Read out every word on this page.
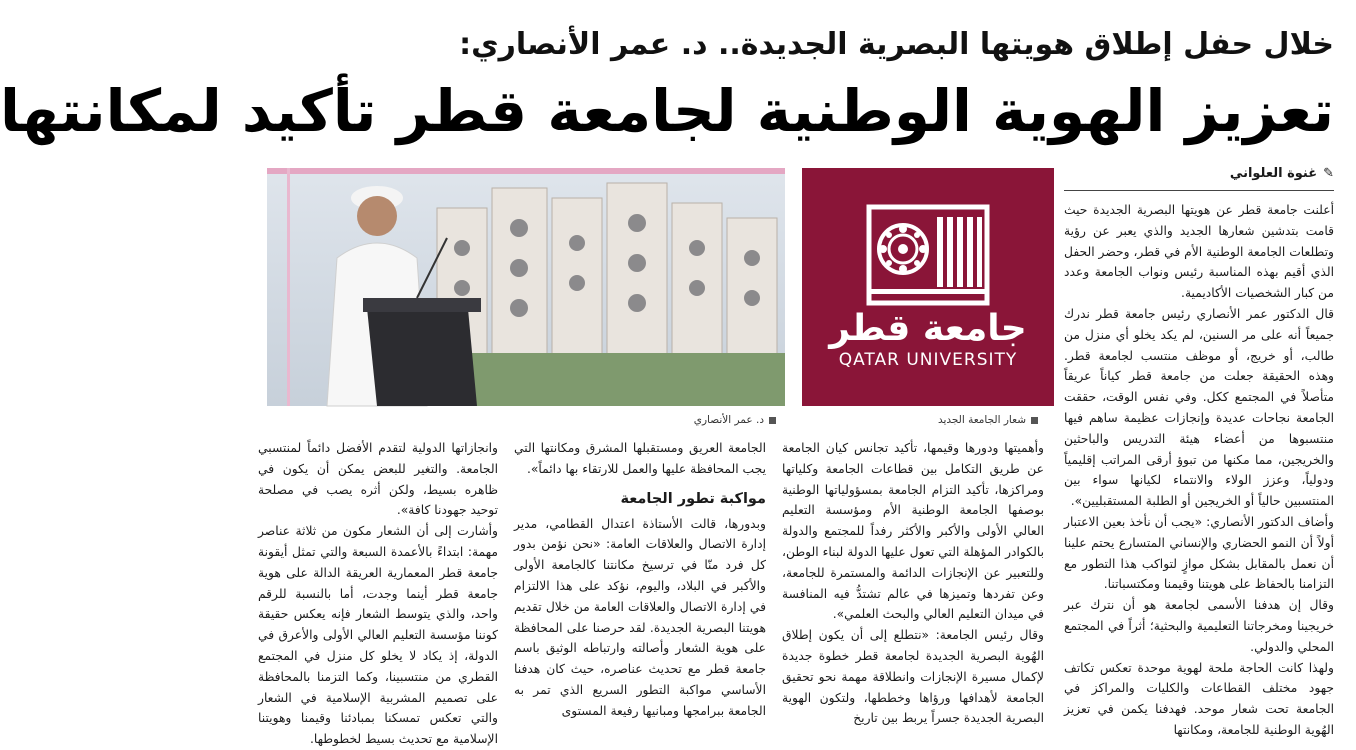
خلال حفل إطلاق هويتها البصرية الجديدة.. د. عمر الأنصاري:
تعزيز الهوية الوطنية لجامعة قطر تأكيد لمكانتها
✎
غنوة العلواني

أعلنت جامعة قطر عن هويتها البصرية الجديدة حيث قامت بتدشين شعارها الجديد والذي يعبر عن رؤية وتطلعات الجامعة الوطنية الأم في قطر، وحضر الحفل الذي أقيم بهذه المناسبة رئيس ونواب الجامعة وعدد من كبار الشخصيات الأكاديمية.

قال الدكتور عمر الأنصاري رئيس جامعة قطر ندرك جميعاً أنه على مر السنين، لم يكد يخلو أي منزل من طالب، أو خريج، أو موظف منتسب لجامعة قطر. وهذه الحقيقة جعلت من جامعة قطر كياناً عريقاً متأصلاً في المجتمع ككل. وفي نفس الوقت، حققت الجامعة نجاحات عديدة وإنجازات عظيمة ساهم فيها منتسبوها من أعضاء هيئة التدريس والباحثين والخريجين، مما مكنها من تبوؤ أرقى المراتب إقليمياً ودولياً، وعزز الولاء والانتماء لكيانها سواء بين المنتسبين حالياً أو الخريجين أو الطلبة المستقبليين».

وأضاف الدكتور الأنصاري: «يجب أن نأخذ بعين الاعتبار أولاً أن النمو الحضاري والإنساني المتسارع يحتم علينا أن نعمل بالمقابل بشكل موازٍ لتواكب هذا التطور مع التزامنا بالحفاظ على هويتنا وقيمنا ومكتسباتنا.

وقال إن هدفنا الأسمى لجامعة هو أن نترك عبر خريجينا ومخرجاتنا التعليمية والبحثية؛ أثراً في المجتمع المحلي والدولي.

ولهذا كانت الحاجة ملحة لهوية موحدة تعكس تكاتف جهود مختلف القطاعات والكليات والمراكز في الجامعة تحت شعار موحد. فهدفنا يكمن في تعزيز الهُوية الوطنية للجامعة، ومكانتها

جامعة قطر
QATAR UNIVERSITY
شعار الجامعة الجديد
د. عمر الأنصاري

وأهميتها ودورها وقيمها، تأكيد تجانس كيان الجامعة عن طريق التكامل بين قطاعات الجامعة وكلياتها ومراكزها، تأكيد التزام الجامعة بمسؤولياتها الوطنية بوصفها الجامعة الوطنية الأم ومؤسسة التعليم العالي الأولى والأكبر والأكثر رفداً للمجتمع والدولة بالكوادر المؤهلة التي تعول عليها الدولة لبناء الوطن، وللتعبير عن الإنجازات الدائمة والمستمرة للجامعة، وعن تفردها وتميزها في عالم تشتدُّ فيه المنافسة في ميدان التعليم العالي والبحث العلمي».

وقال رئيس الجامعة: «نتطلع إلى أن يكون إطلاق الهُوية البصرية الجديدة لجامعة قطر خطوة جديدة لإكمال مسيرة الإنجازات وانطلاقة مهمة نحو تحقيق الجامعة لأهدافها ورؤاها وخططها، ولتكون الهوية البصرية الجديدة جسراً يربط بين تاريخ

الجامعة العريق ومستقبلها المشرق ومكانتها التي يجب المحافظة عليها والعمل للارتقاء بها دائماً».

مواكبة تطور الجامعة

وبدورها، قالت الأستاذة اعتدال القطامي، مدير إدارة الاتصال والعلاقات العامة: «نحن نؤمن بدور كل فرد منّا في ترسيخ مكانتنا كالجامعة الأولى والأكبر في البلاد، واليوم، نؤكد على هذا الالتزام في إدارة الاتصال والعلاقات العامة من خلال تقديم هويتنا البصرية الجديدة. لقد حرصنا على المحافظة على هوية الشعار وأصالته وارتباطه الوثيق باسم جامعة قطر مع تحديث عناصره، حيث كان هدفنا الأساسي مواكبة التطور السريع الذي تمر به الجامعة ببرامجها ومبانيها رفيعة المستوى

وانجازاتها الدولية لتقدم الأفضل دائماً لمنتسبي الجامعة. والتغير للبعض يمكن أن يكون في ظاهره بسيط، ولكن أثره يصب في مصلحة توحيد جهودنا كافة».

وأشارت إلى أن الشعار مكون من ثلاثة عناصر مهمة: ابتداءً بالأعمدة السبعة والتي تمثل أيقونة جامعة قطر المعمارية العريقة الدالة على هوية جامعة قطر أينما وجدت، أما بالنسبة للرقم واحد، والذي يتوسط الشعار فإنه يعكس حقيقة كوننا مؤسسة التعليم العالي الأولى والأعرق في الدولة، إذ يكاد لا يخلو كل منزل في المجتمع القطري من منتسبينا، وكما التزمنا بالمحافظة على تصميم المشربية الإسلامية في الشعار والتي تعكس تمسكنا بمبادئنا وقيمنا وهويتنا الإسلامية مع تحديث بسيط لخطوطها.
